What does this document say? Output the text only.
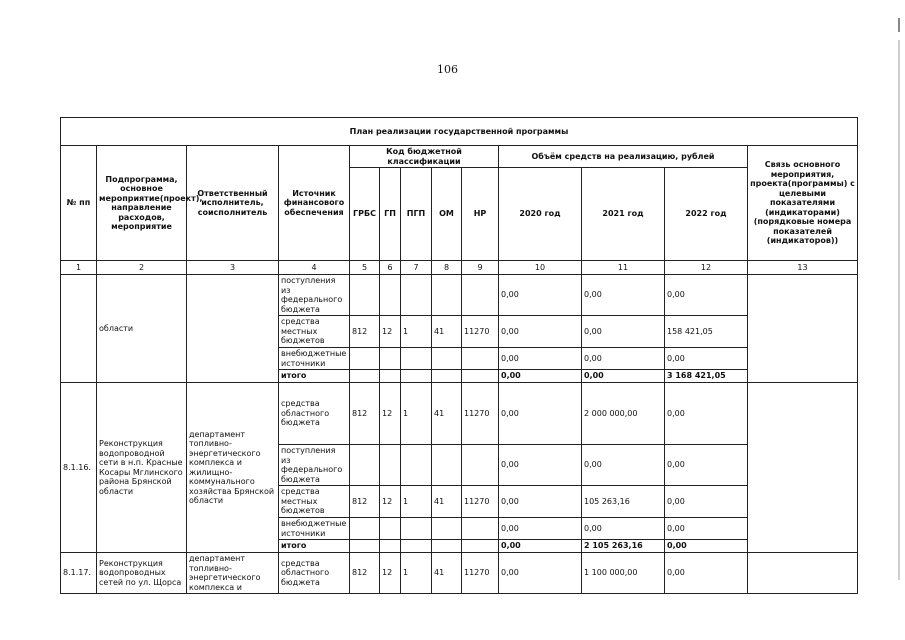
106
План реализации государственной программы												
№ пп	Подпрограмма, основное мероприятие(проект), направление расходов, мероприятие	Ответственный исполнитель, соисполнитель	Источник финансового обеспечения	Код бюджетной классификации					Объём средств на реализацию, рублей			Связь основного мероприятия, проекта(программы) с целевыми показателями (индикаторами) (порядковые номера показателей (индикаторов))
				ГРБС	ГП	ПГП	ОМ	НР	2020 год	2021 год	2022 год	
1	2	3	4	5	6	7	8	9	10	11	12	13
	области		поступления из федерального бюджета						0,00	0,00	0,00	
			средства местных бюджетов	812	12	1	41	11270	0,00	0,00	158 421,05	
			внебюджетные источники						0,00	0,00	0,00	
			итого						0,00	0,00	3 168 421,05	
8.1.16.	Реконструкция водопроводной сети в н.п. Красные Косары Мглинского района Брянской области	департамент топливно-энергетического комплекса и жилищно-коммунального хозяйства Брянской области	средства областного бюджета	812	12	1	41	11270	0,00	2 000 000,00	0,00	
			поступления из федерального бюджета						0,00	0,00	0,00	
			средства местных бюджетов	812	12	1	41	11270	0,00	105 263,16	0,00	
			внебюджетные источники						0,00	0,00	0,00	
			итого						0,00	2 105 263,16	0,00	
8.1.17.	Реконструкция водопроводных сетей по ул. Щорса	департамент топливно-энергетического комплекса и	средства областного бюджета	812	12	1	41	11270	0,00	1 100 000,00	0,00	
